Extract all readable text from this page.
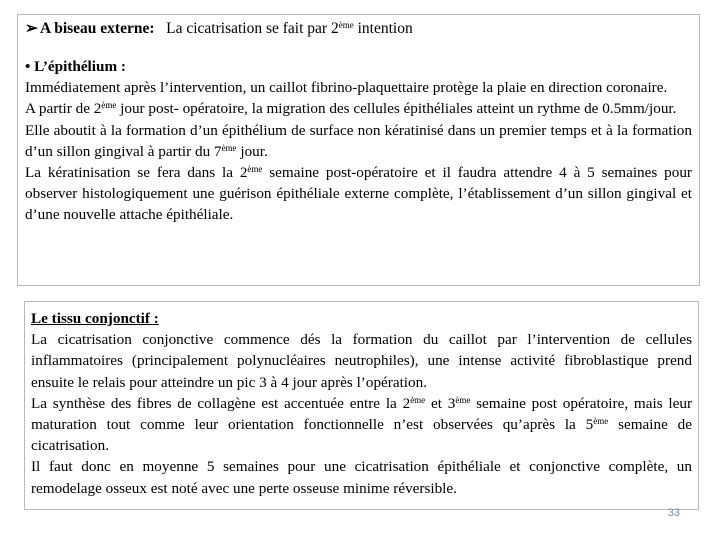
➢ A biseau externe: La cicatrisation se fait par 2ème intention

• L’épithélium :

Immédiatement après l’intervention, un caillot fibrino-plaquettaire protège la plaie en direction coronaire.

A partir de 2ème jour post- opératoire, la migration des cellules épithéliales atteint un rythme de 0.5mm/jour.

Elle aboutit à la formation d’un épithélium de surface non kératinisé dans un premier temps et à la formation d’un sillon gingival à partir du 7ème jour.

La kératinisation se fera dans la 2ème semaine post-opératoire et il faudra attendre 4 à 5 semaines pour observer histologiquement une guérison épithéliale externe complète, l’établissement d’un sillon gingival et d’une nouvelle attache épithéliale.

Le tissu conjonctif :

La cicatrisation conjonctive commence dés la formation du caillot par l’intervention de cellules inflammatoires (principalement polynucléaires neutrophiles), une intense activité fibroblastique prend ensuite le relais pour atteindre un pic 3 à 4 jour après l’opération.

La synthèse des fibres de collagène est accentuée entre la 2ème et 3ème semaine post opératoire, mais leur maturation tout comme leur orientation fonctionnelle n’est observées qu’après la 5ème semaine de cicatrisation.

Il faut donc en moyenne 5 semaines pour une cicatrisation épithéliale et conjonctive complète, un remodelage osseux est noté avec une perte osseuse minime réversible.

33
